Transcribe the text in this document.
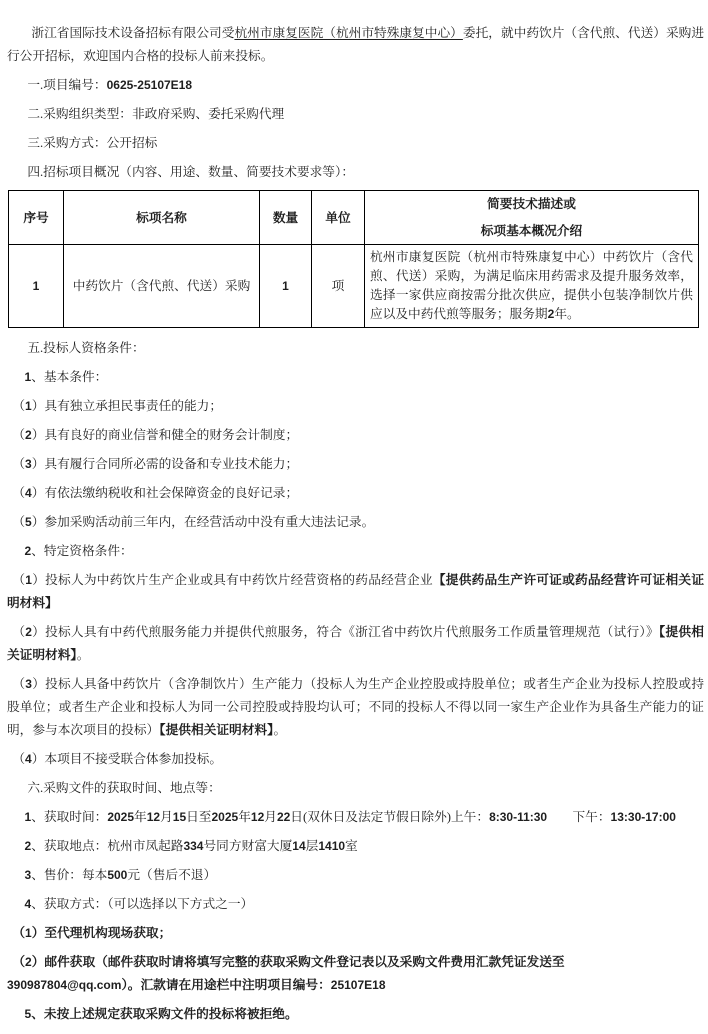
浙江省国际技术设备招标有限公司受杭州市康复医院（杭州市特殊康复中心）委托，就中药饮片（含代煎、代送）采购进行公开招标，欢迎国内合格的投标人前来投标。

一.项目编号：0625-25107E18

二.采购组织类型：非政府采购、委托采购代理

三.采购方式：公开招标

四.招标项目概况（内容、用途、数量、简要技术要求等）：

序号	标项名称	数量	单位	简要技术描述或
标项基本概况介绍

1	中药饮片（含代煎、代送）采购	1	项	杭州市康复医院（杭州市特殊康复中心）中药饮片（含代煎、代送）采购，为满足临床用药需求及提升服务效率，选择一家供应商按需分批次供应，提供小包装净制饮片供应以及中药代煎等服务；服务期2年。

五.投标人资格条件：

1、基本条件：

（1）具有独立承担民事责任的能力；

（2）具有良好的商业信誉和健全的财务会计制度；

（3）具有履行合同所必需的设备和专业技术能力；

（4）有依法缴纳税收和社会保障资金的良好记录；

（5）参加采购活动前三年内，在经营活动中没有重大违法记录。

2、特定资格条件：

（1）投标人为中药饮片生产企业或具有中药饮片经营资格的药品经营企业【提供药品生产许可证或药品经营许可证相关证明材料】

（2）投标人具有中药代煎服务能力并提供代煎服务，符合《浙江省中药饮片代煎服务工作质量管理规范（试行）》【提供相关证明材料】。

（3）投标人具备中药饮片（含净制饮片）生产能力（投标人为生产企业控股或持股单位；或者生产企业为投标人控股或持股单位；或者生产企业和投标人为同一公司控股或持股均认可；不同的投标人不得以同一家生产企业作为具备生产能力的证明，参与本次项目的投标）【提供相关证明材料】。

（4）本项目不接受联合体参加投标。

六.采购文件的获取时间、地点等：

1、获取时间：2025年12月15日至2025年12月22日(双休日及法定节假日除外)上午：8:30-11:30　　下午：13:30-17:00

2、获取地点：杭州市凤起路334号同方财富大厦14层1410室

3、售价：每本500元（售后不退）

4、获取方式：（可以选择以下方式之一）

（1）至代理机构现场获取；

（2）邮件获取（邮件获取时请将填写完整的获取采购文件登记表以及采购文件费用汇款凭证发送至
390987804@qq.com）。汇款请在用途栏中注明项目编号：25107E18

5、未按上述规定获取采购文件的投标将被拒绝。
